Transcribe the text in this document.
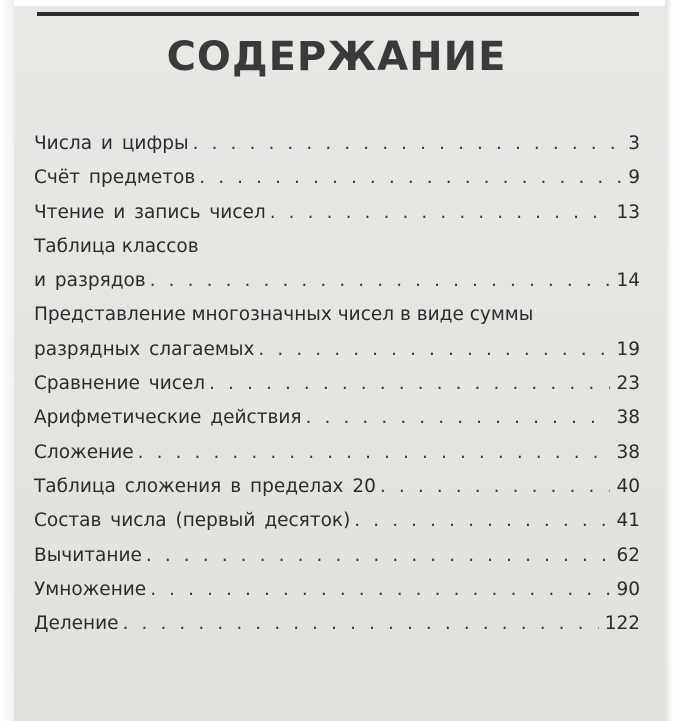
СОДЕРЖАНИЕ
Числа и цифры . . .	3
Счёт предметов . . .	9
Чтение и запись чисел . . .	13
Таблица классов
и разрядов . . .	14
Представление многозначных чисел в виде суммы
разрядных слагаемых . . .	19
Сравнение чисел . . .	23
Арифметические действия . . .	38
Сложение . . .	38
Таблица сложения в пределах 20 . . .	40
Состав числа (первый десяток) . . .	41
Вычитание . . .	62
Умножение . . .	90
Деление . . .	122
